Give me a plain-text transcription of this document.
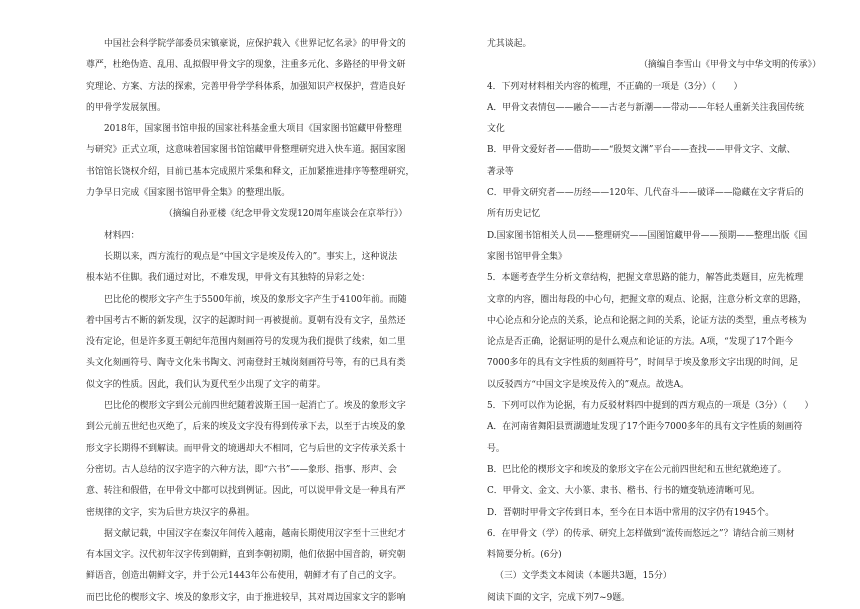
中国社会科学院学部委员宋镇豪说，应保护载入《世界记忆名录》的甲骨文的
尊严，杜绝伪造、乱用、乱拟假甲骨文字的现象，注重多元化、多路径的甲骨文研
究理论、方案、方法的探索，完善甲骨学学科体系，加强知识产权保护，营造良好
的甲骨学发展氛围。
2018年，国家图书馆申报的国家社科基金重大项目《国家图书馆藏甲骨整理
与研究》正式立项，这意味着国家图书馆馆藏甲骨整理研究进入快车道。据国家图
书馆馆长饶权介绍，目前已基本完成照片采集和释文，正加紧推进排序等整理研究，
力争早日完成《国家图书馆甲骨全集》的整理出版。
（摘编自孙亚楼《纪念甲骨文发现120周年座谈会在京举行》）
材料四：
长期以来，西方流行的观点是“中国文字是埃及传入的”。事实上，这种说法
根本站不住脚。我们通过对比，不难发现，甲骨文有其独特的异彩之处：
巴比伦的楔形文字产生于5500年前，埃及的象形文字产生于4100年前。而随
着中国考古不断的新发现，汉字的起源时间一再被提前。夏朝有没有文字，虽然还
没有定论，但是许多夏王朝纪年范围内刻画符号的发现为我们提供了线索，如二里
头文化刻画符号、陶寺文化朱书陶文、河南登封王城岗刻画符号等，有的已具有类
似文字的性质。因此，我们认为夏代至少出现了文字的萌芽。
巴比伦的楔形文字到公元前四世纪随着波斯王国一起消亡了。埃及的象形文字
到公元前五世纪也灭绝了，后来的埃及文字没有得到传承下去，以至于古埃及的象
形文字长期得不到解读。而甲骨文的境遇却大不相同，它与后世的文字传承关系十
分密切。古人总结的汉字造字的六种方法，即“六书”——象形、指事、形声、会
意、转注和假借，在甲骨文中都可以找到例证。因此，可以说甲骨文是一种具有严
密规律的文字，实为后世方块汉字的鼻祖。
据文献记载，中国汉字在秦汉年间传入越南，越南长期使用汉字至十三世纪才
有本国文字。汉代初年汉字传到朝鲜，直到李朝初期，他们依据中国音韵，研究朝
鲜语音，创造出朝鲜文字，并于公元1443年公布使用，朝鲜才有了自己的文字。
而巴比伦的楔形文字、埃及的象形文字，由于推进较早，其对周边国家文字的影响
尤其谈起。
（摘编自李雪山《甲骨文与中华文明的传承》）
4．下列对材料相关内容的梳理，不正确的一项是（3分）（　　）
A．甲骨文表情包——融合——古老与新潮——带动——年轻人重新关注我国传统
文化
B．甲骨文爱好者——借助——“殷契文渊”平台——查找——甲骨文字、文献、
著录等
C．甲骨文研究者——历经——120年、几代奋斗——破译——隐藏在文字背后的
所有历史记忆
D.国家图书馆相关人员——整理研究——国图馆藏甲骨——预期——整理出版《国
家图书馆甲骨全集》
5．本题考查学生分析文章结构，把握文章思路的能力，解答此类题目，应先梳理
文章的内容，圈出每段的中心句，把握文章的观点、论据，注意分析文章的思路，
中心论点和分论点的关系，论点和论据之间的关系，论证方法的类型，重点考核为
论点是否正确，论据证明的是什么观点和论证的方法。A项，“发现了17个距今
7000多年的具有文字性质的刻画符号”，时间早于埃及象形文字出现的时间，足
以反驳西方“中国文字是埃及传入的”观点。故选A。
5．下列可以作为论据，有力反驳材料四中提到的西方观点的一项是（3分）（　　）
A．在河南省舞阳县贾湖遗址发现了17个距今7000多年的具有文字性质的刻画符
号。
B．巴比伦的楔形文字和埃及的象形文字在公元前四世纪和五世纪就绝迹了。
C．甲骨文、金文、大小篆、隶书、楷书、行书的嬗变轨迹清晰可见。
D．晋朝时甲骨文字传到日本，至今在日本语中常用的汉字仍有1945个。
6．在甲骨文（学）的传承、研究上怎样做到“流传而悠远之”？请结合前三则材
料简要分析。(6分)
（三）文学类文本阅读（本题共3题，15分）
阅读下面的文字，完成下列7~9题。
